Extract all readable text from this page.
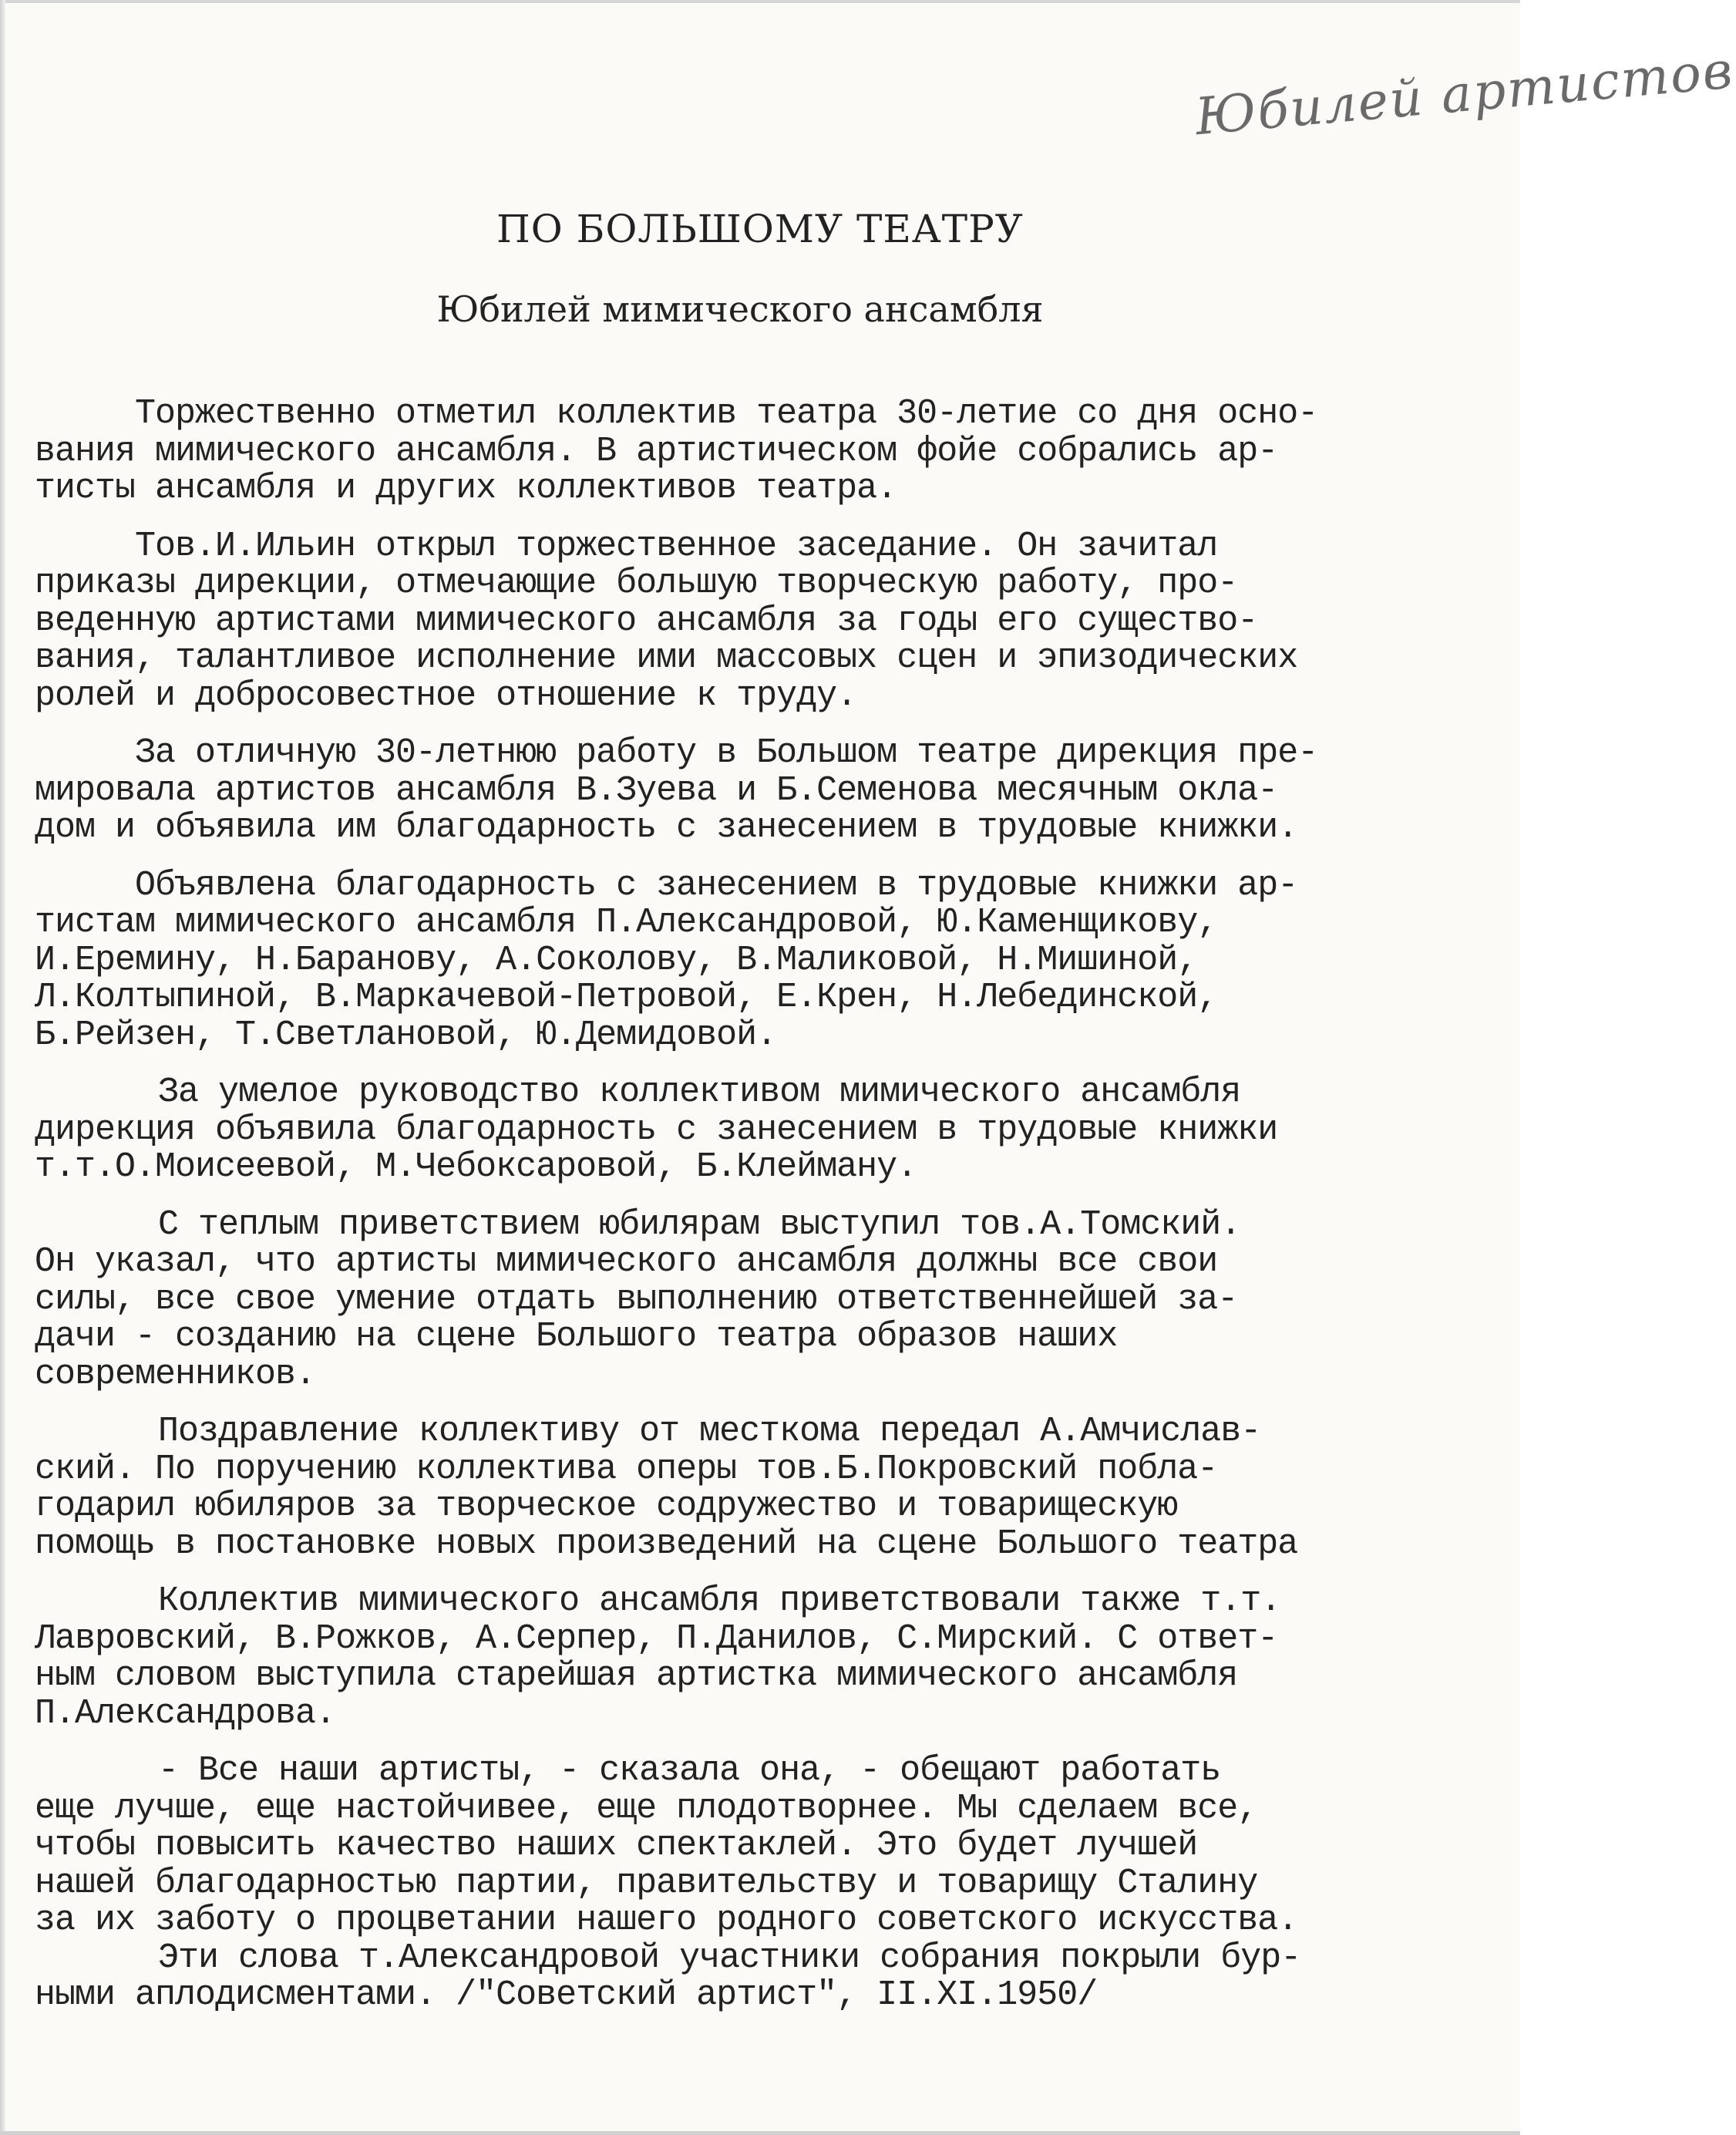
Юбилей артистов
ПО БОЛЬШОМУ ТЕАТРУ
Юбилей мимического ансамбля

Торжественно отметил коллектив театра 30-летие со дня осно-
вания мимического ансамбля. В артистическом фойе собрались ар-
тисты ансамбля и других коллективов театра.

Тов.И.Ильин открыл торжественное заседание. Он зачитал
приказы дирекции, отмечающие большую творческую работу, про-
веденную артистами мимического ансамбля за годы его существо-
вания, талантливое исполнение ими массовых сцен и эпизодических
ролей и добросовестное отношение к труду.

За отличную 30-летнюю работу в Большом театре дирекция пре-
мировала артистов ансамбля В.Зуева и Б.Семенова месячным окла-
дом и объявила им благодарность с занесением в трудовые книжки.

Объявлена благодарность с занесением в трудовые книжки ар-
тистам мимического ансамбля П.Александровой, Ю.Каменщикову,
И.Еремину, Н.Баранову, А.Соколову, В.Маликовой, Н.Мишиной,
Л.Колтыпиной, В.Маркачевой-Петровой, Е.Крен, Н.Лебединской,
Б.Рейзен, Т.Светлановой, Ю.Демидовой.

За умелое руководство коллективом мимического ансамбля
дирекция объявила благодарность с занесением в трудовые книжки
т.т.О.Моисеевой, М.Чебоксаровой, Б.Клейману.

С теплым приветствием юбилярам выступил тов.А.Томский.
Он указал, что артисты мимического ансамбля должны все свои
силы, все свое умение отдать выполнению ответственнейшей за-
дачи - созданию на сцене Большого театра образов наших
современников.

Поздравление коллективу от месткома передал А.Амчислав-
ский. По поручению коллектива оперы тов.Б.Покровский побла-
годарил юбиляров за творческое содружество и товарищескую
помощь в постановке новых произведений на сцене Большого театра

Коллектив мимического ансамбля приветствовали также т.т.
Лавровский, В.Рожков, А.Серпер, П.Данилов, С.Мирский. С ответ-
ным словом выступила старейшая артистка мимического ансамбля
П.Александрова.

- Все наши артисты, - сказала она, - обещают работать
еще лучше, еще настойчивее, еще плодотворнее. Мы сделаем все,
чтобы повысить качество наших спектаклей. Это будет лучшей
нашей благодарностью партии, правительству и товарищу Сталину
за их заботу о процветании нашего родного советского искусства.

Эти слова т.Александровой участники собрания покрыли бур-
ными аплодисментами. /"Советский артист", II.XI.1950/
